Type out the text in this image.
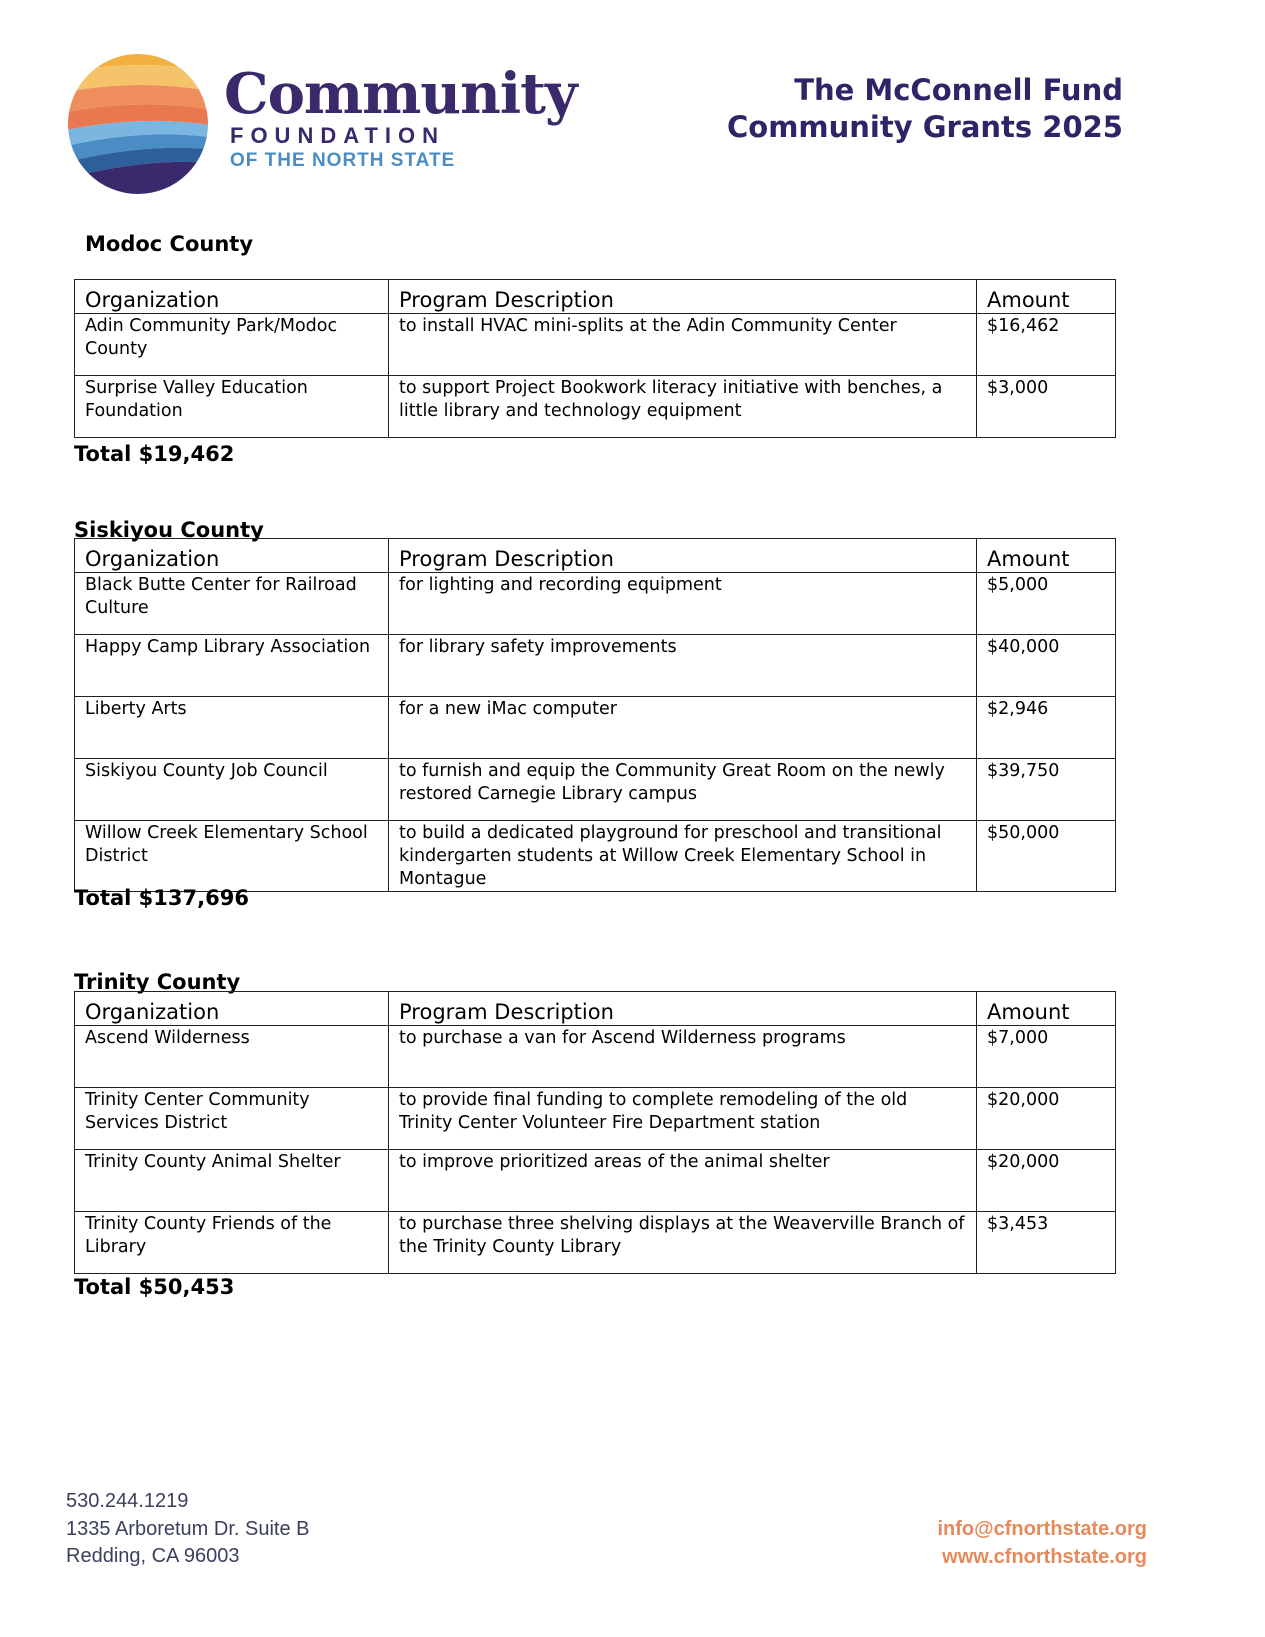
Community
FOUNDATION
OF THE NORTH STATE
The McConnell Fund
Community Grants 2025
Modoc County
Organization	Program Description	Amount
Adin Community Park/Modoc County	to install HVAC mini-splits at the Adin Community Center	$16,462
Surprise Valley Education Foundation	to support Project Bookwork literacy initiative with benches, a little library and technology equipment	$3,000
Total $19,462
Siskiyou County
Organization	Program Description	Amount
Black Butte Center for Railroad Culture	for lighting and recording equipment	$5,000
Happy Camp Library Association	for library safety improvements	$40,000
Liberty Arts	for a new iMac computer	$2,946
Siskiyou County Job Council	to furnish and equip the Community Great Room on the newly restored Carnegie Library campus	$39,750
Willow Creek Elementary School District	to build a dedicated playground for preschool and transitional kindergarten students at Willow Creek Elementary School in Montague	$50,000
Total $137,696
Trinity County
Organization	Program Description	Amount
Ascend Wilderness	to purchase a van for Ascend Wilderness programs	$7,000
Trinity Center Community Services District	to provide final funding to complete remodeling of the old Trinity Center Volunteer Fire Department station	$20,000
Trinity County Animal Shelter	to improve prioritized areas of the animal shelter	$20,000
Trinity County Friends of the Library	to purchase three shelving displays at the Weaverville Branch of the Trinity County Library	$3,453
Total $50,453
530.244.1219
1335 Arboretum Dr. Suite B
Redding, CA 96003
info@cfnorthstate.org
www.cfnorthstate.org
